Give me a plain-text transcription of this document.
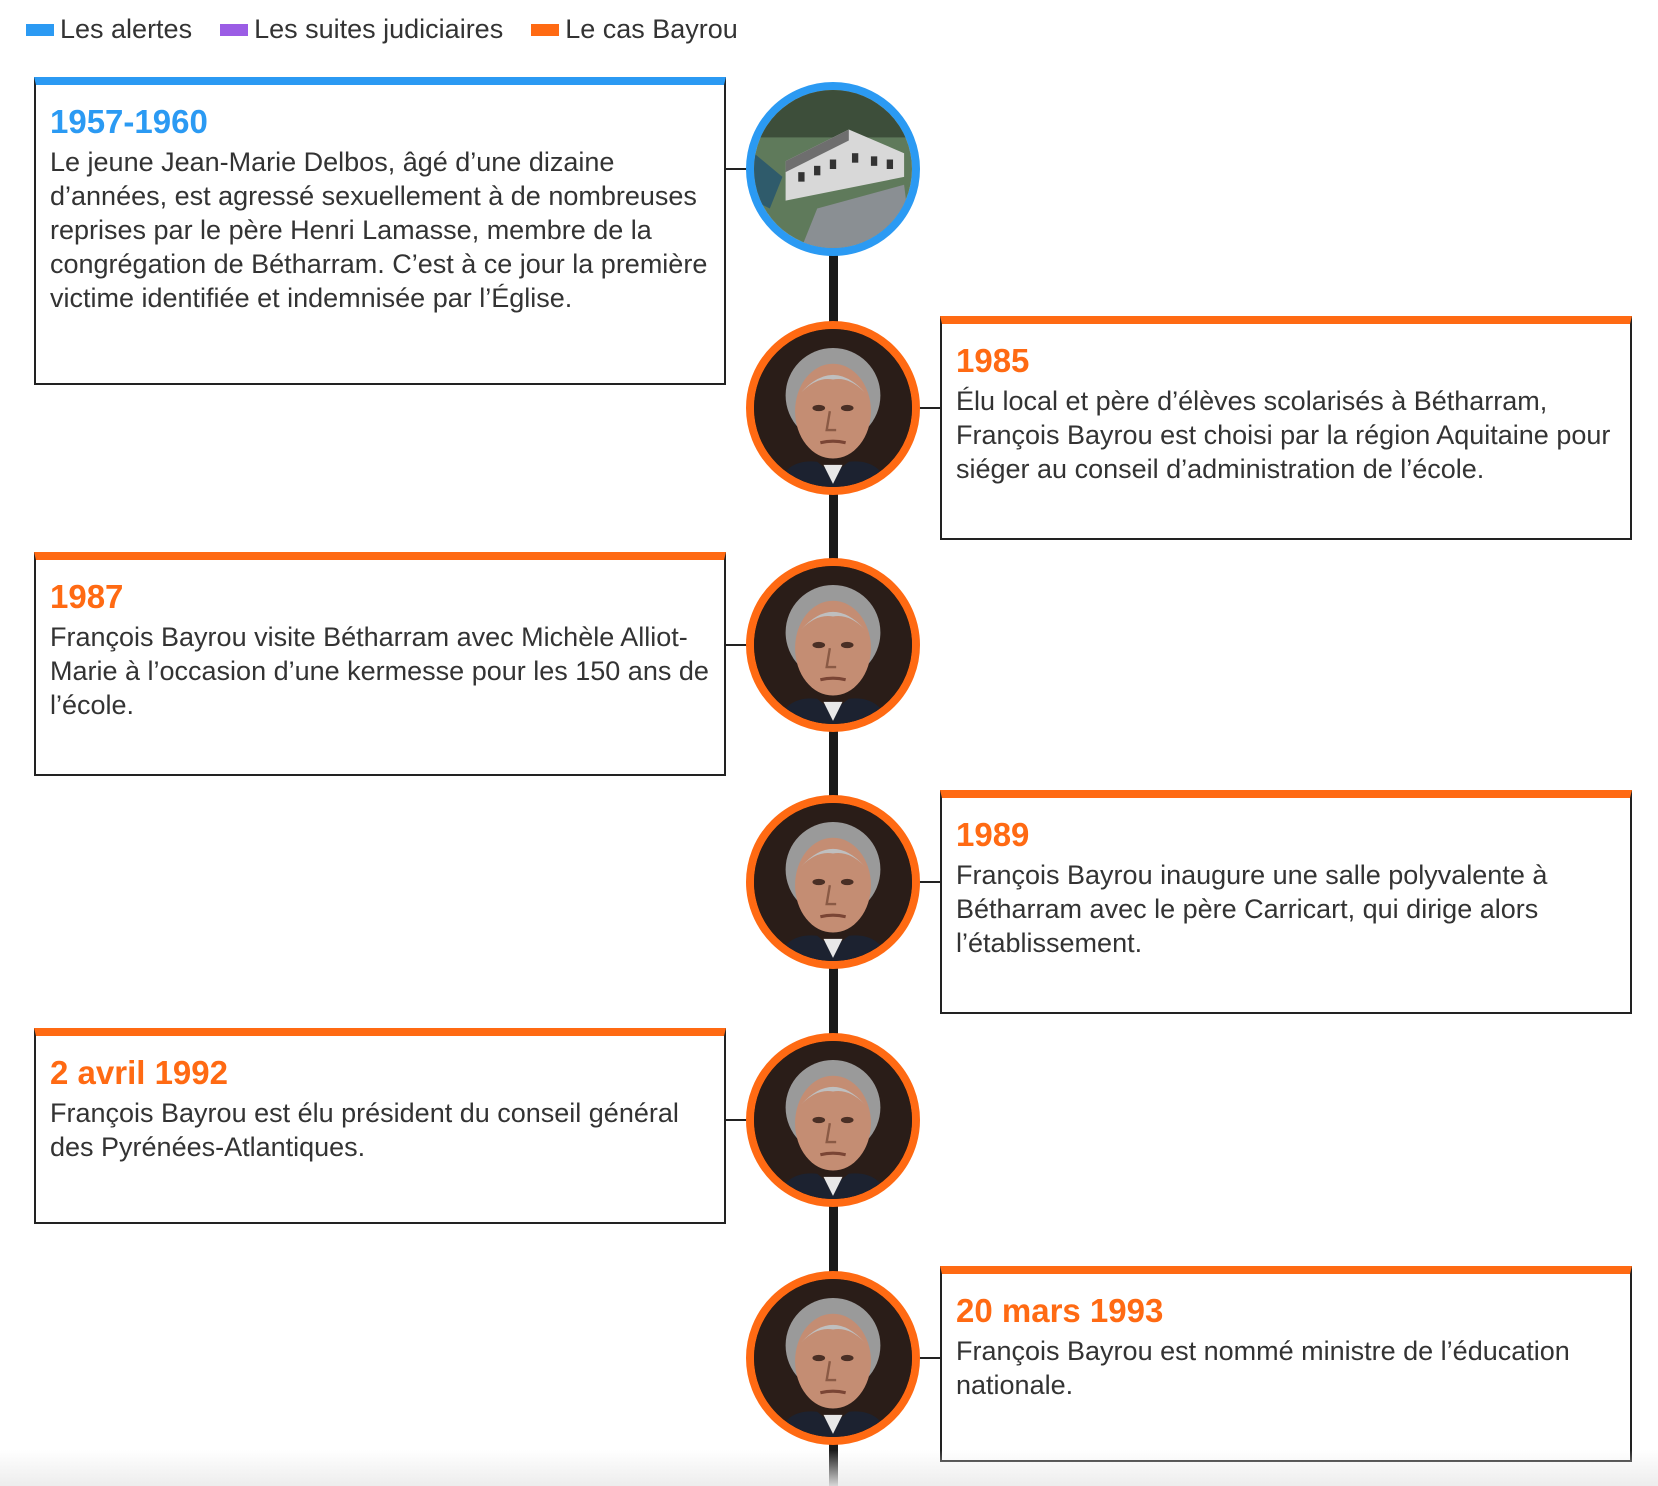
Les alertes Les suites judiciaires Le cas Bayrou
1957-1960
Le jeune Jean-Marie Delbos, âgé d’une dizaine d’années, est agressé sexuellement à de nombreuses reprises par le père Henri Lamasse, membre de la congrégation de Bétharram. C’est à ce jour la première victime identifiée et indemnisée par l’Église.
1985
Élu local et père d’élèves scolarisés à Bétharram, François Bayrou est choisi par la région Aquitaine pour siéger au conseil d’administration de l’école.
1987
François Bayrou visite Bétharram avec Michèle Alliot-Marie à l’occasion d’une kermesse pour les 150 ans de l’école.
1989
François Bayrou inaugure une salle polyvalente à Bétharram avec le père Carricart, qui dirige alors l’établissement.
2 avril 1992
François Bayrou est élu président du conseil général des Pyrénées-Atlantiques.
20 mars 1993
François Bayrou est nommé ministre de l’éducation nationale.
